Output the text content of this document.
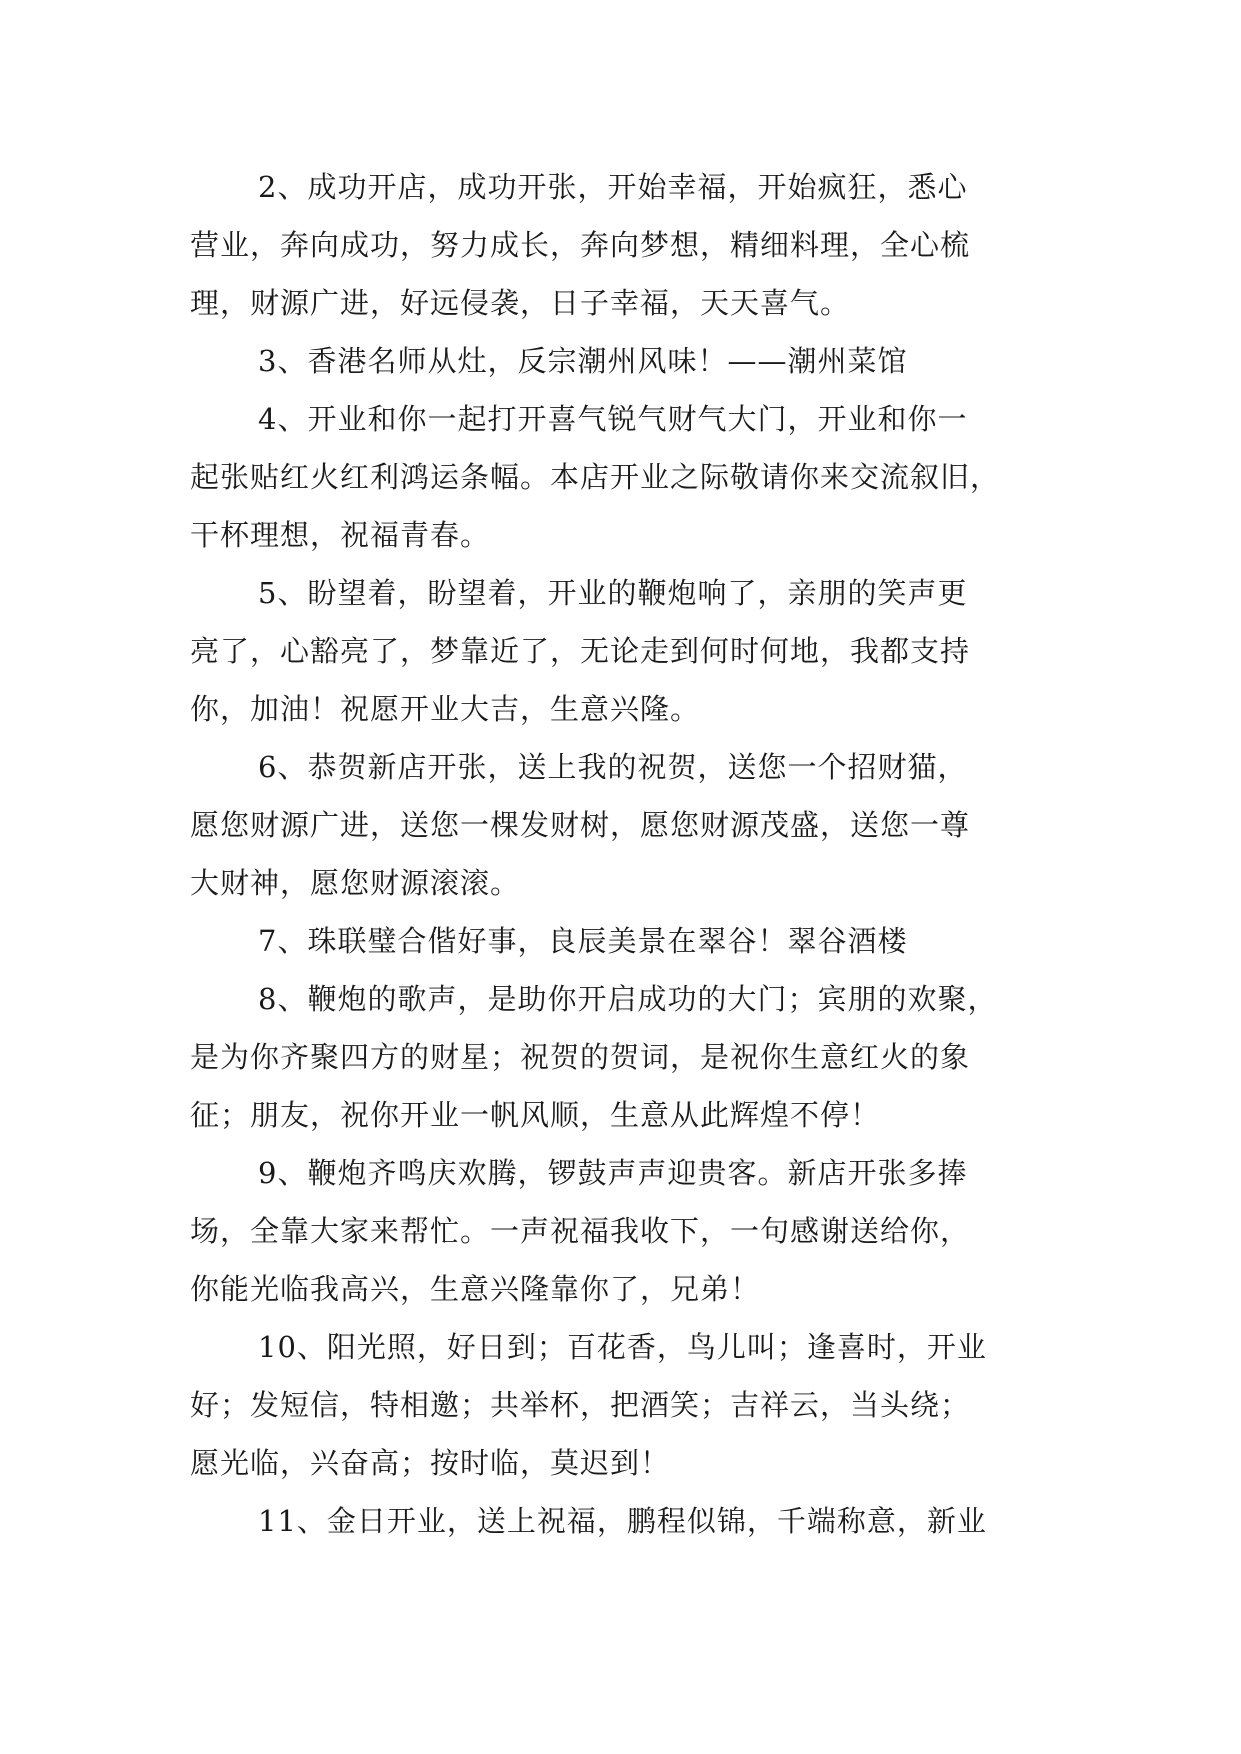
2、成功开店，成功开张，开始幸福，开始疯狂，悉心
营业，奔向成功，努力成长，奔向梦想，精细料理，全心梳
理，财源广进，好远侵袭，日子幸福，天天喜气。
3、香港名师从灶，反宗潮州风味！——潮州菜馆
4、开业和你一起打开喜气锐气财气大门，开业和你一
起张贴红火红利鸿运条幅。本店开业之际敬请你来交流叙旧，
干杯理想，祝福青春。
5、盼望着，盼望着，开业的鞭炮响了，亲朋的笑声更
亮了，心豁亮了，梦靠近了，无论走到何时何地，我都支持
你，加油！祝愿开业大吉，生意兴隆。
6、恭贺新店开张，送上我的祝贺，送您一个招财猫，
愿您财源广进，送您一棵发财树，愿您财源茂盛，送您一尊
大财神，愿您财源滚滚。
7、珠联璧合偕好事，良辰美景在翠谷！翠谷酒楼
8、鞭炮的歌声，是助你开启成功的大门；宾朋的欢聚，
是为你齐聚四方的财星；祝贺的贺词，是祝你生意红火的象
征；朋友，祝你开业一帆风顺，生意从此辉煌不停！
9、鞭炮齐鸣庆欢腾，锣鼓声声迎贵客。新店开张多捧
场，全靠大家来帮忙。一声祝福我收下，一句感谢送给你，
你能光临我高兴，生意兴隆靠你了，兄弟！
10、阳光照，好日到；百花香，鸟儿叫；逢喜时，开业
好；发短信，特相邀；共举杯，把酒笑；吉祥云，当头绕；
愿光临，兴奋高；按时临，莫迟到！
11、金日开业，送上祝福，鹏程似锦，千端称意，新业
